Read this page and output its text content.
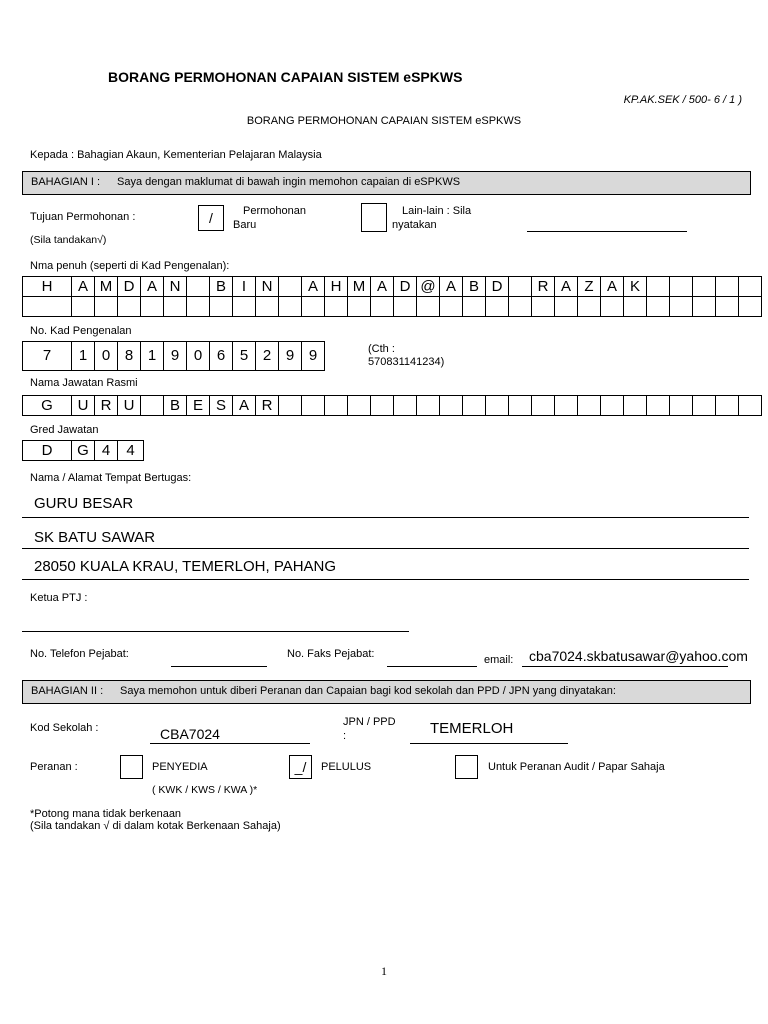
BORANG PERMOHONAN CAPAIAN SISTEM eSPKWS
KP.AK.SEK / 500- 6 / 1 )
BORANG PERMOHONAN CAPAIAN SISTEM eSPKWS
Kepada : Bahagian Akaun, Kementerian Pelajaran Malaysia
BAHAGIAN I : Saya dengan maklumat di bawah ingin memohon capaian di eSPKWS
Tujuan Permohonan :
(Sila tandakan√)
/	Permohonan
Baru
Lain-lain : Sila
nyatakan
Nma penuh (seperti di Kad Pengenalan):
H	A M D A N	B	I	N	A H M A D @ A B D	R A Z A K
No. Kad Pengenalan
7	1 0 8 1 9 0 6 5 2 9 9	(Cth :
570831141234)
Nama Jawatan Rasmi
G	U R U	B E S A R
Gred Jawatan
D	G 4	4
Nama / Alamat Tempat Bertugas:
GURU BESAR
SK BATU SAWAR
28050 KUALA KRAU, TEMERLOH, PAHANG
Ketua PTJ :
No. Telefon Pejabat:	No. Faks Pejabat:	email: cba7024.skbatusawar@yahoo.com
BAHAGIAN II : Saya memohon untuk diberi Peranan dan Capaian bagi kod sekolah dan PPD / JPN yang dinyatakan:
Kod Sekolah :	CBA7024
JPN / PPD
:	TEMERLOH
Peranan :	PENYEDIA
( KWK / KWS / KWA )*
_/	PELULUS	Untuk Peranan Audit / Papar Sahaja
*Potong mana tidak berkenaan
(Sila tandakan √ di dalam kotak Berkenaan Sahaja)
1
